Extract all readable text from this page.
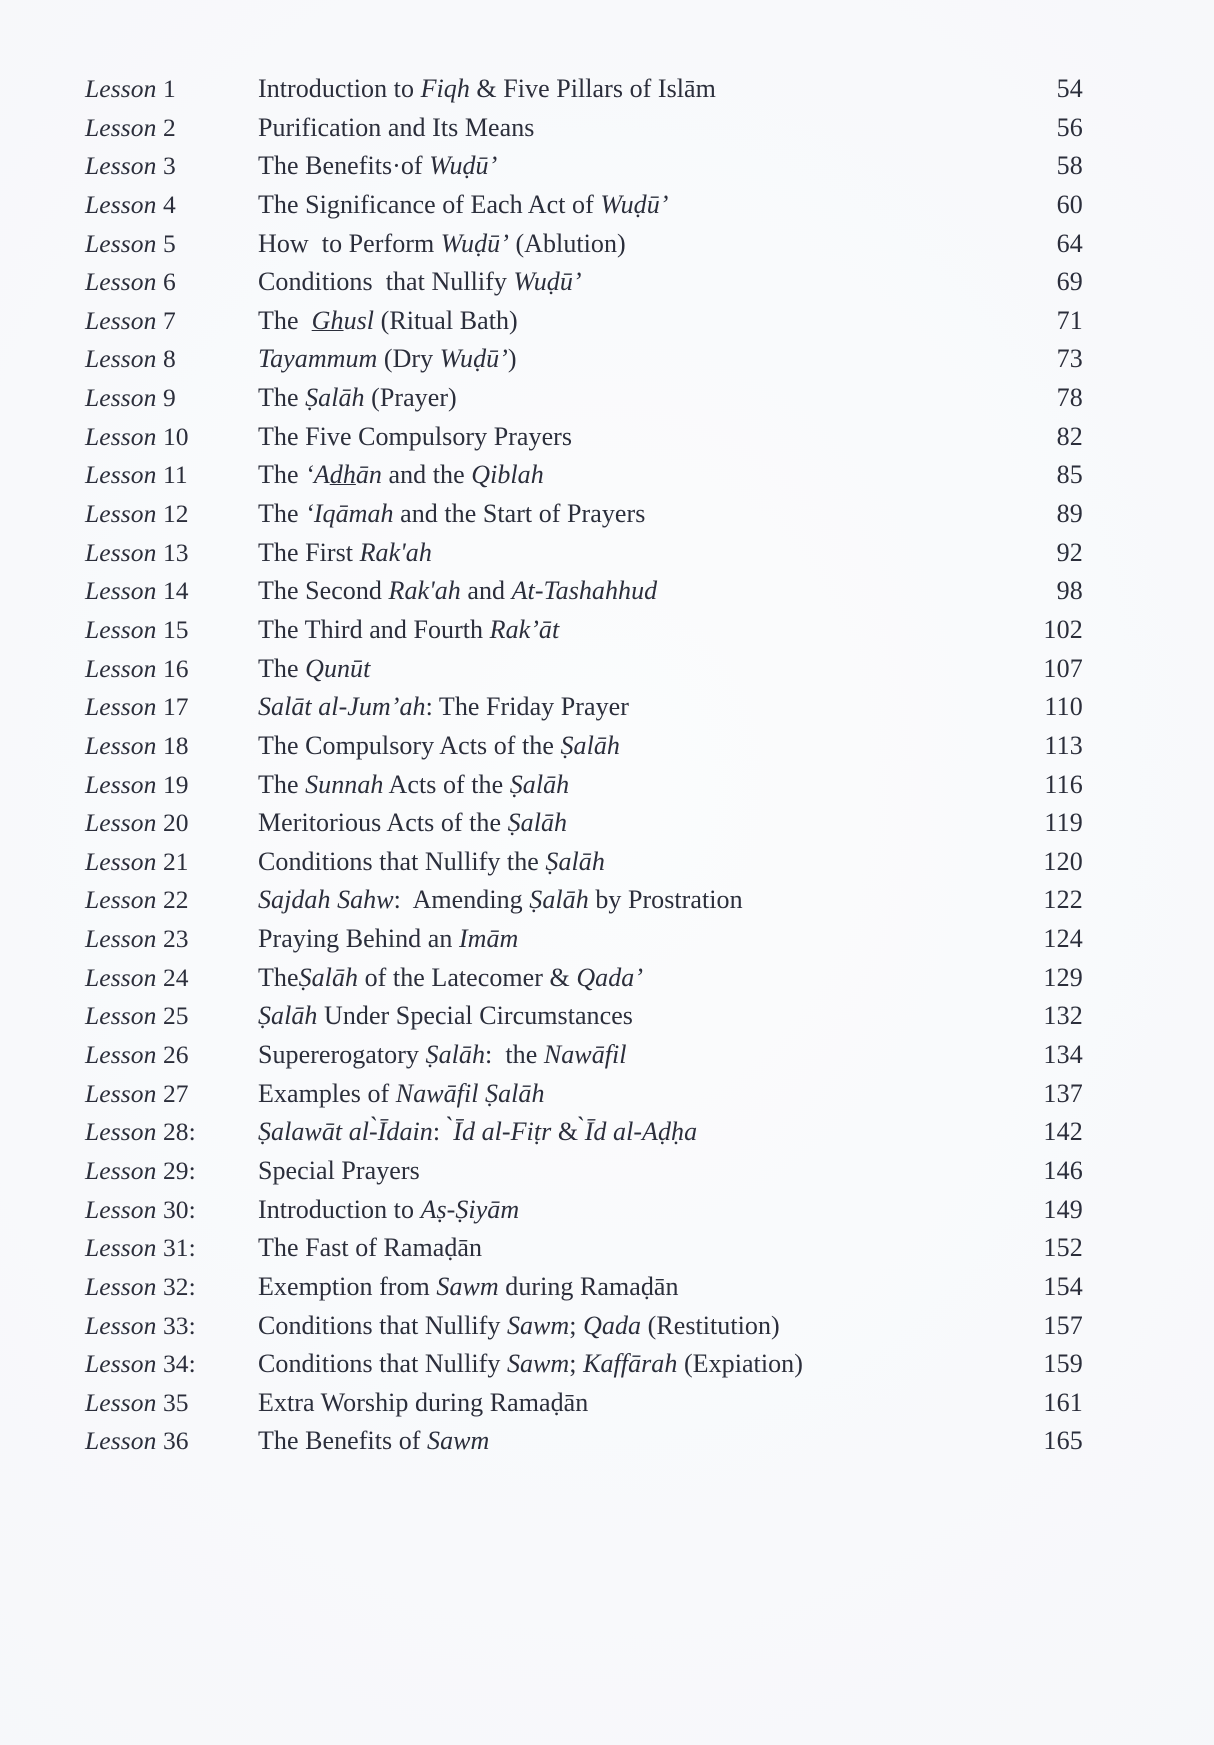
Lesson 1	Introduction to Fiqh & Five Pillars of Islām	54
Lesson 2	Purification and Its Means	56
Lesson 3	The Benefits·of Wuḍū’	58
Lesson 4	The Significance of Each Act of Wuḍū’	60
Lesson 5	How  to Perform Wuḍū’ (Ablution)	64
Lesson 6	Conditions  that Nullify Wuḍū’	69
Lesson 7	The  Ghusl (Ritual Bath)	71
Lesson 8	Tayammum (Dry Wuḍū’)	73
Lesson 9	The Ṣalāh (Prayer)	78
Lesson 10	The Five Compulsory Prayers	82
Lesson 11	The ‘Adhān and the Qiblah	85
Lesson 12	The ‘Iqāmah and the Start of Prayers	89
Lesson 13	The First Rak'ah	92
Lesson 14	The Second Rak'ah and At-Tashahhud	98
Lesson 15	The Third and Fourth Rak’āt	102
Lesson 16	The Qunūt	107
Lesson 17	Salāt al-Jum’ah: The Friday Prayer	110
Lesson 18	The Compulsory Acts of the Ṣalāh	113
Lesson 19	The Sunnah Acts of the Ṣalāh	116
Lesson 20	Meritorious Acts of the Ṣalāh	119
Lesson 21	Conditions that Nullify the Ṣalāh	120
Lesson 22	Sajdah Sahw:  Amending Ṣalāh by Prostration	122
Lesson 23	Praying Behind an Imām	124
Lesson 24	TheṢalāh of the Latecomer & Qada’	129
Lesson 25	Ṣalāh Under Special Circumstances	132
Lesson 26	Supererogatory Ṣalāh:  the Nawāfil	134
Lesson 27	Examples of Nawāfil Ṣalāh	137
Lesson 28:	Ṣalawāt al-̀Īdain:  ̀Īd al-Fiṭr & ̀Īd al-Aḍḥa	142
Lesson 29:	Special Prayers	146
Lesson 30:	Introduction to Aṣ-Ṣiyām	149
Lesson 31:	The Fast of Ramaḍān	152
Lesson 32:	Exemption from Sawm during Ramaḍān	154
Lesson 33:	Conditions that Nullify Sawm; Qada (Restitution)	157
Lesson 34:	Conditions that Nullify Sawm; Kaffārah (Expiation)	159
Lesson 35	Extra Worship during Ramaḍān	161
Lesson 36	The Benefits of Sawm	165
